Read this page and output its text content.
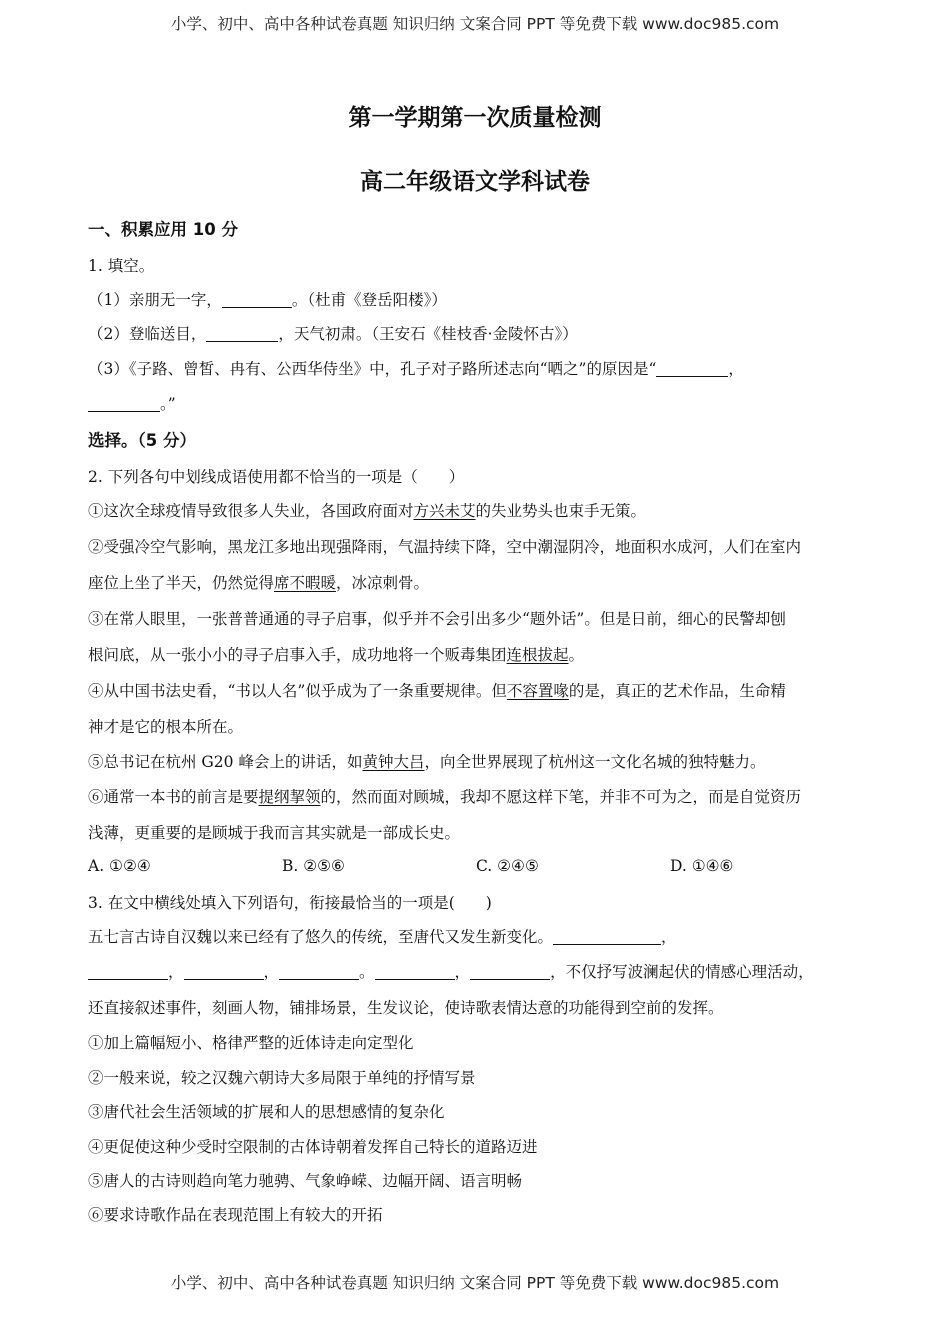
小学、初中、高中各种试卷真题 知识归纳 文案合同 PPT 等免费下载 www.doc985.com
第一学期第一次质量检测
高二年级语文学科试卷
一、积累应用 10 分
1. 填空。
（1）亲朋无一字，	。（杜甫《登岳阳楼》）
（2）登临送目，	，天气初肃。（王安石《桂枝香·金陵怀古》）
（3）《子路、曾皙、冉有、公西华侍坐》中，孔子对子路所述志向“哂之”的原因是“	，
。”
选择。（5 分）
2. 下列各句中划线成语使用都不恰当的一项是（　　）
①这次全球疫情导致很多人失业，各国政府面对方兴未艾的失业势头也束手无策。
②受强冷空气影响，黑龙江多地出现强降雨，气温持续下降，空中潮湿阴冷，地面积水成河，人们在室内
座位上坐了半天，仍然觉得席不暇暖，冰凉刺骨。
③在常人眼里，一张普普通通的寻子启事，似乎并不会引出多少“题外话”。但是日前，细心的民警却刨
根问底，从一张小小的寻子启事入手，成功地将一个贩毒集团连根拔起。
④从中国书法史看，“书以人名”似乎成为了一条重要规律。但不容置喙的是，真正的艺术作品，生命精
神才是它的根本所在。
⑤总书记在杭州 G20 峰会上的讲话，如黄钟大吕，向全世界展现了杭州这一文化名城的独特魅力。
⑥通常一本书的前言是要提纲挈领的，然而面对顾城，我却不愿这样下笔，并非不可为之，而是自觉资历
浅薄，更重要的是顾城于我而言其实就是一部成长史。
A. ①②④	B. ②⑤⑥	C. ②④⑤	D. ①④⑥
3. 在文中横线处填入下列语句，衔接最恰当的一项是(　　)
五七言古诗自汉魏以来已经有了悠久的传统，至唐代又发生新变化。	，
，	，	。	，	，不仅抒写波澜起伏的情感心理活动，
还直接叙述事件，刻画人物，铺排场景，生发议论，使诗歌表情达意的功能得到空前的发挥。
①加上篇幅短小、格律严整的近体诗走向定型化
②一般来说，较之汉魏六朝诗大多局限于单纯的抒情写景
③唐代社会生活领域的扩展和人的思想感情的复杂化
④更促使这种少受时空限制的古体诗朝着发挥自己特长的道路迈进
⑤唐人的古诗则趋向笔力驰骋、气象峥嵘、边幅开阔、语言明畅
⑥要求诗歌作品在表现范围上有较大的开拓
小学、初中、高中各种试卷真题 知识归纳 文案合同 PPT 等免费下载 www.doc985.com
